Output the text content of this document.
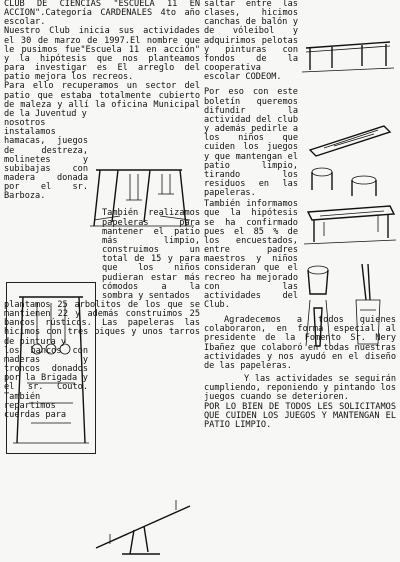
CLUB DE CIENCIAS "ESCUELA 11 EN ACCION".Categoría CARDENALES 4to año escolar.

Nuestro Club inicia sus actividades el 30 de marzo de 1997.El nombre que le pusimos fue"Escuela 11 en acción" y la hipótesis que nos planteamos para investigar es El arreglo del patio mejora los recreos.

Para ello recuperamos un sector del patio que estaba totalmente cubierto de maleza y allí la oficina Municipal de la Juventud y

nosotros instalamos hamacas, juegos de destreza, molinetes y subibajas con madera donada por el sr. Barboza.

También realizamos papeleras para mantener el patio más limpio, construimos un total de 15 y para que los niños pudieran estar más cómodos a la sombra y sentados

plantamos 25 arbolitos de los que se mantienen 22 y además construimos 25 bancos rústicos. Las papeleras las hicimos con tres piques y unos tarros de pintura y

los bancos con maderas y troncos donados por la Brigada y el sr. Couto. También repartimos cuerdas para

saltar entre las clases, hicimos canchas de balón y de vóleibol y adquirimos pelotas y pinturas con fondos de la cooperativa escolar CODEOM.

Por eso con este boletín queremos difundir la actividad del club y además pedirle a los niños que cuiden los juegos y que mantengan el patio limpio, tirando los residuos en las papeleras.

También informamos que la hipótesis se ha confirmado pues el 85 % de los encuestados, entre padres maestros y niños consideran que el recreo ha mejorado con las actividades del Club.

Agradecemos a todos quienes colaboraron, en forma especial al presidente de la Fomento Sr. Nery Ibañez que colaboró en todas nuestras actividades y nos ayudó en el diseño de las papeleras.

Y las actividades se seguirán cumpliendo, reponiendo y pintando los juegos cuando se deterioren.

POR LO BIEN DE TODOS LES SOLICITAMOS QUE CUIDEN LOS JUEGOS Y MANTENGAN EL PATIO LIMPIO.
